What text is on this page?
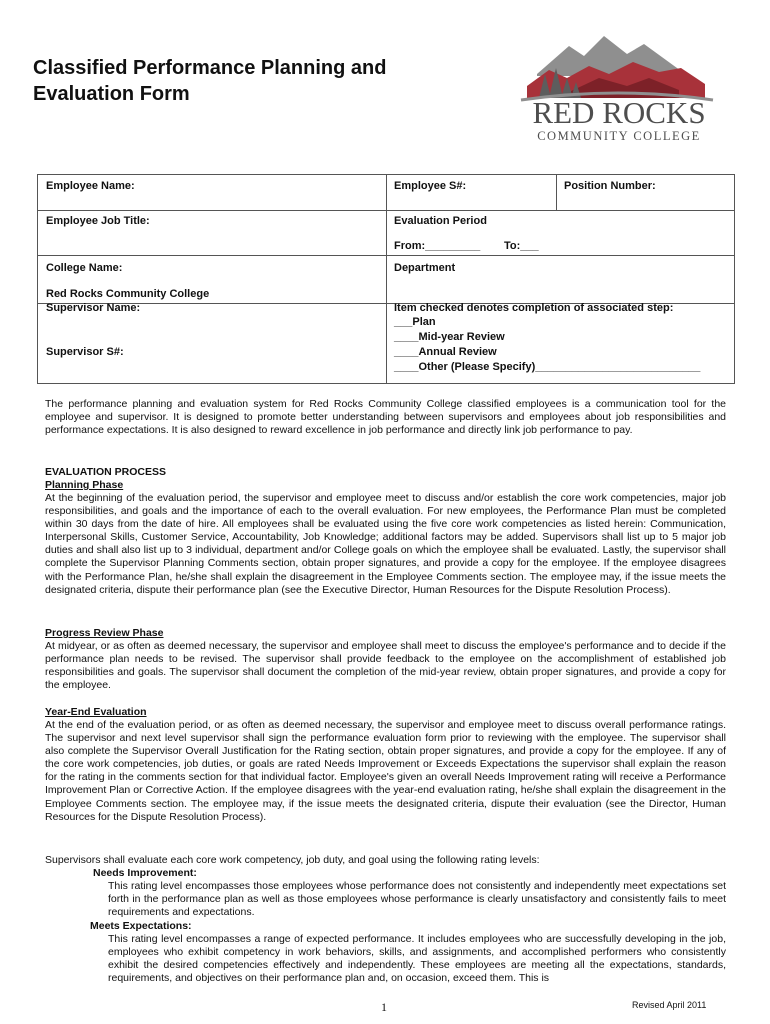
Classified Performance Planning and Evaluation Form
RED ROCKS
COMMUNITY COLLEGE
Employee Name:	Employee S#:	Position Number:
Employee Job Title:	Evaluation Period
From:_________ To:___
College Name:	Department
Red Rocks Community College
Supervisor Name:
Supervisor S#:
Item checked denotes completion of associated step:
___Plan
____Mid-year Review
____Annual Review
____Other (Please Specify)___________________________

The performance planning and evaluation system for Red Rocks Community College classified employees is a communication tool for the employee and supervisor. It is designed to promote better understanding between supervisors and employees about job responsibilities and performance expectations. It is also designed to reward excellence in job performance and directly link job performance to pay.

EVALUATION PROCESS
Planning Phase

At the beginning of the evaluation period, the supervisor and employee meet to discuss and/or establish the core work competencies, major job responsibilities, and goals and the importance of each to the overall evaluation. For new employees, the Performance Plan must be completed within 30 days from the date of hire. All employees shall be evaluated using the five core work competencies as listed herein: Communication, Interpersonal Skills, Customer Service, Accountability, Job Knowledge; additional factors may be added. Supervisors shall list up to 5 major job duties and shall also list up to 3 individual, department and/or College goals on which the employee shall be evaluated. Lastly, the supervisor shall complete the Supervisor Planning Comments section, obtain proper signatures, and provide a copy for the employee. If the employee disagrees with the Performance Plan, he/she shall explain the disagreement in the Employee Comments section. The employee may, if the issue meets the designated criteria, dispute their performance plan (see the Executive Director, Human Resources for the Dispute Resolution Process).

Progress Review Phase

At midyear, or as often as deemed necessary, the supervisor and employee shall meet to discuss the employee's performance and to decide if the performance plan needs to be revised. The supervisor shall provide feedback to the employee on the accomplishment of established job responsibilities and goals. The supervisor shall document the completion of the mid-year review, obtain proper signatures, and provide a copy for the employee.

Year-End Evaluation

At the end of the evaluation period, or as often as deemed necessary, the supervisor and employee meet to discuss overall performance ratings. The supervisor and next level supervisor shall sign the performance evaluation form prior to reviewing with the employee. The supervisor shall also complete the Supervisor Overall Justification for the Rating section, obtain proper signatures, and provide a copy for the employee. If any of the core work competencies, job duties, or goals are rated Needs Improvement or Exceeds Expectations the supervisor shall explain the reason for the rating in the comments section for that individual factor. Employee's given an overall Needs Improvement rating will receive a Performance Improvement Plan or Corrective Action. If the employee disagrees with the year-end evaluation rating, he/she shall explain the disagreement in the Employee Comments section. The employee may, if the issue meets the designated criteria, dispute their evaluation (see the Director, Human Resources for the Dispute Resolution Process).

Supervisors shall evaluate each core work competency, job duty, and goal using the following rating levels:
Needs Improvement:

This rating level encompasses those employees whose performance does not consistently and independently meet expectations set forth in the performance plan as well as those employees whose performance is clearly unsatisfactory and consistently fails to meet requirements and expectations.

Meets Expectations:

This rating level encompasses a range of expected performance. It includes employees who are successfully developing in the job, employees who exhibit competency in work behaviors, skills, and assignments, and accomplished performers who consistently exhibit the desired competencies effectively and independently. These employees are meeting all the expectations, standards, requirements, and objectives on their performance plan and, on occasion, exceed them. This is

1	Revised April 2011
